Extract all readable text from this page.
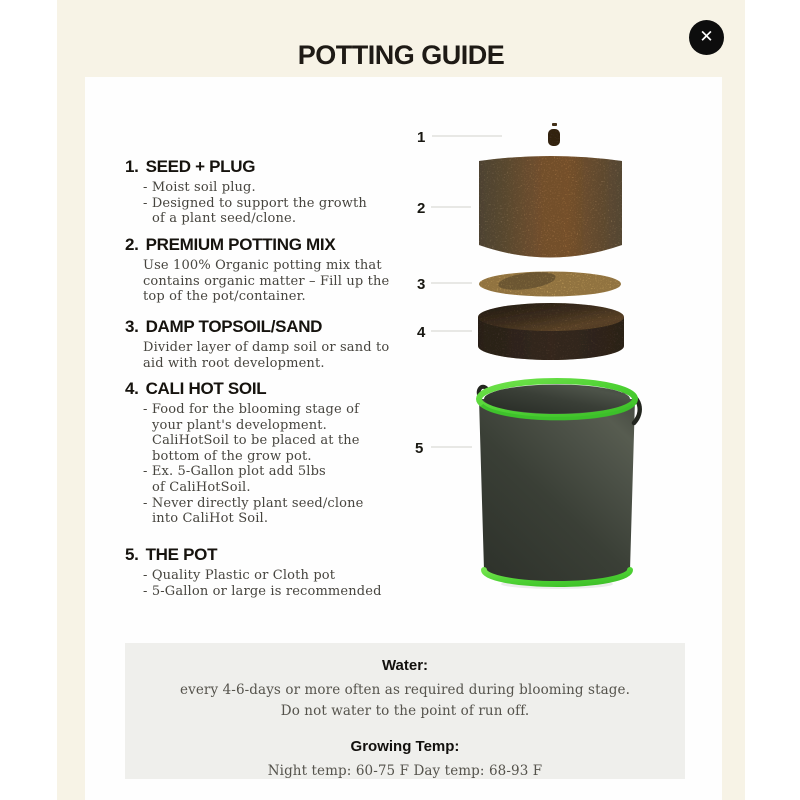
POTTING GUIDE
✕
1. SEED + PLUG
- Moist soil plug.
- Designed to support the growth
of a plant seed/clone.
2. PREMIUM POTTING MIX
Use 100% Organic potting mix that
contains organic matter – Fill up the
top of the pot/container.
3. DAMP TOPSOIL/SAND
Divider layer of damp soil or sand to
aid with root development.
4. CALI HOT SOIL
- Food for the blooming stage of
your plant's development.
CaliHotSoil to be placed at the
bottom of the grow pot.
- Ex. 5-Gallon plot add 5lbs
of CaliHotSoil.
- Never directly plant seed/clone
into CaliHot Soil.
5. THE POT
- Quality Plastic or Cloth pot
- 5-Gallon or large is recommended
1
2
3
4
5

Water:

every 4-6-days or more often as required during blooming stage.

Do not water to the point of run off.

Growing Temp:

Night temp: 60-75 F Day temp: 68-93 F
